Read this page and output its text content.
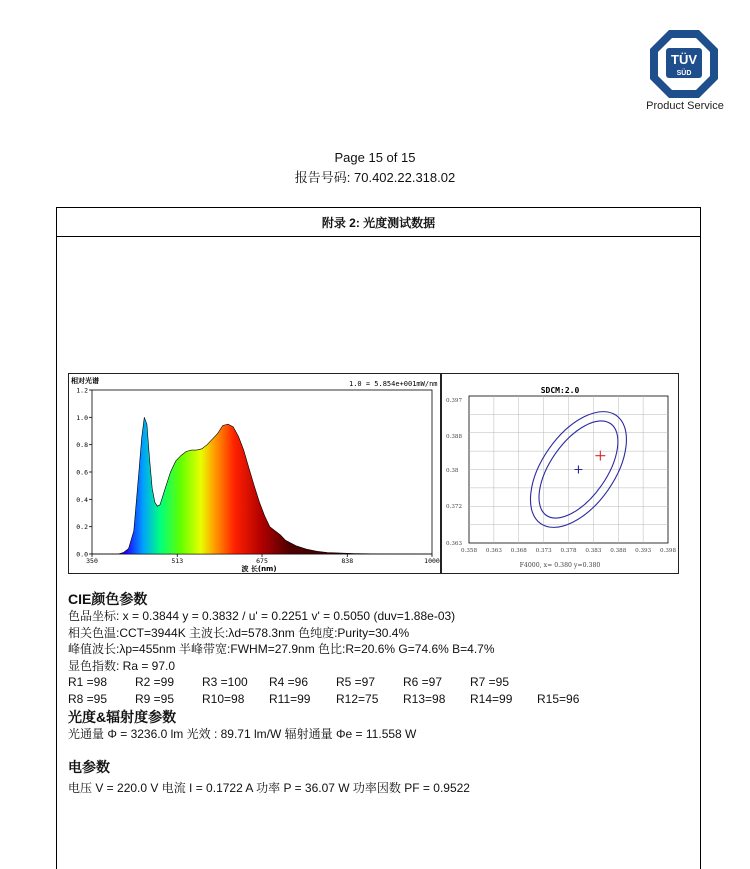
TÜV
SÜD
Product Service
Page 15 of 15
报告号码: 70.402.22.318.02
附录 2: 光度测试数据
相对光谱	1.0 = 5.854e+001mW/nm
波 长(nm)
350	513	675	838	1000
0.0
0.2
0.4
0.6
0.8
1.0
1.2	SDCM:2.0
0.358 0.363 0.368 0.373 0.378 0.383 0.388 0.393 0.398
0.397
0.388
0.38
0.372
0.363
F4000, x= 0.380 y=0.380
CIE颜色参数
色品坐标: x = 0.3844 y = 0.3832 / u' = 0.2251 v' = 0.5050 (duv=1.88e-03)
相关色温:CCT=3944K 主波长:λd=578.3nm 色纯度:Purity=30.4%
峰值波长:λp=455nm 半峰带宽:FWHM=27.9nm 色比:R=20.6% G=74.6% B=4.7%
显色指数: Ra = 97.0
R1 =98	R2 =99	R3 =100	R4 =96	R5 =97	R6 =97	R7 =95
R8 =95	R9 =95	R10=98	R11=99	R12=75	R13=98	R14=99	R15=96
光度&辐射度参数
光通量 Φ = 3236.0 lm 光效 : 89.71 lm/W 辐射通量 Φe = 11.558 W
电参数
电压 V = 220.0 V 电流 I = 0.1722 A 功率 P = 36.07 W 功率因数 PF = 0.9522
